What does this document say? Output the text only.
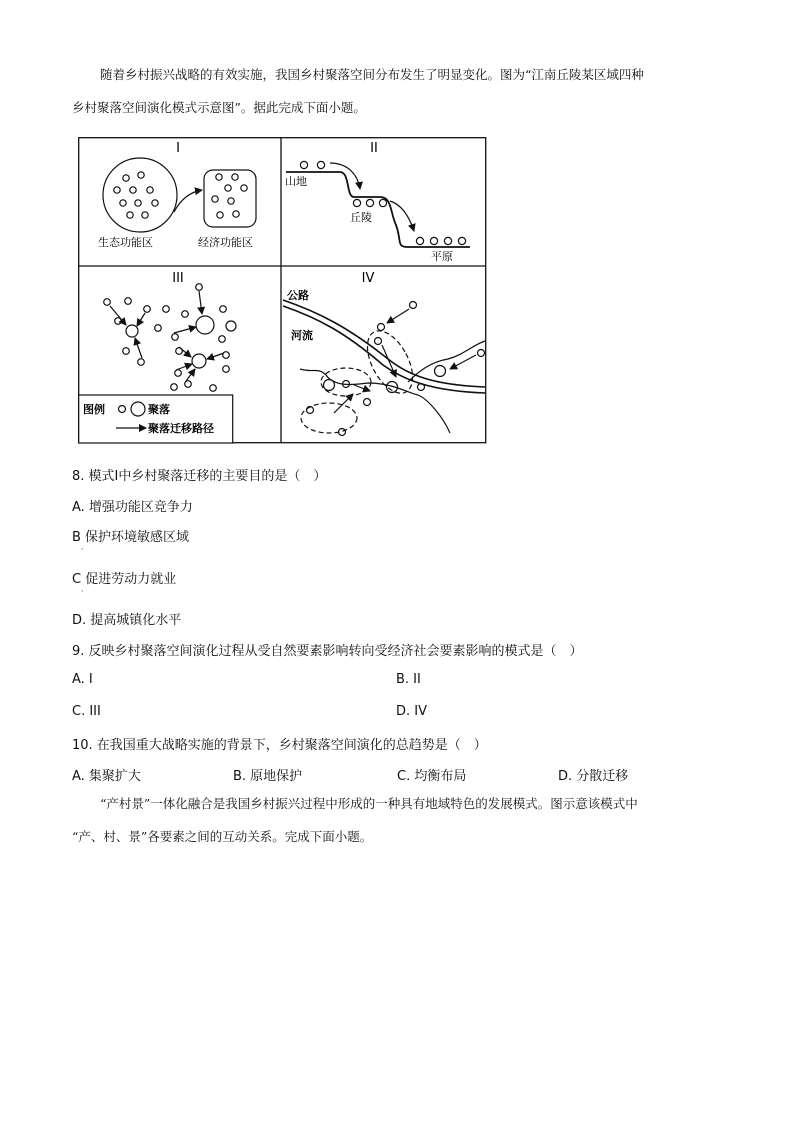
随着乡村振兴战略的有效实施，我国乡村聚落空间分布发生了明显变化。图为“江南丘陵某区域四种
乡村聚落空间演化模式示意图”。据此完成下面小题。
I
生态功能区	经济功能区
II
山地
丘陵
平原
III
图例	聚落
聚落迁移路径
IV
公路
河流
8. 模式Ⅰ中乡村聚落迁移的主要目的是（　）
A. 增强功能区竞争力
B 保护环境敏感区域
·
C 促进劳动力就业
·
D. 提高城镇化水平
9. 反映乡村聚落空间演化过程从受自然要素影响转向受经济社会要素影响的模式是（　）
A. I	B. II
C. III	D. IV
10. 在我国重大战略实施的背景下，乡村聚落空间演化的总趋势是（　）
A. 集聚扩大	B. 原地保护	C. 均衡布局	D. 分散迁移
“产村景”一体化融合是我国乡村振兴过程中形成的一种具有地域特色的发展模式。图示意该模式中
“产、村、景”各要素之间的互动关系。完成下面小题。
